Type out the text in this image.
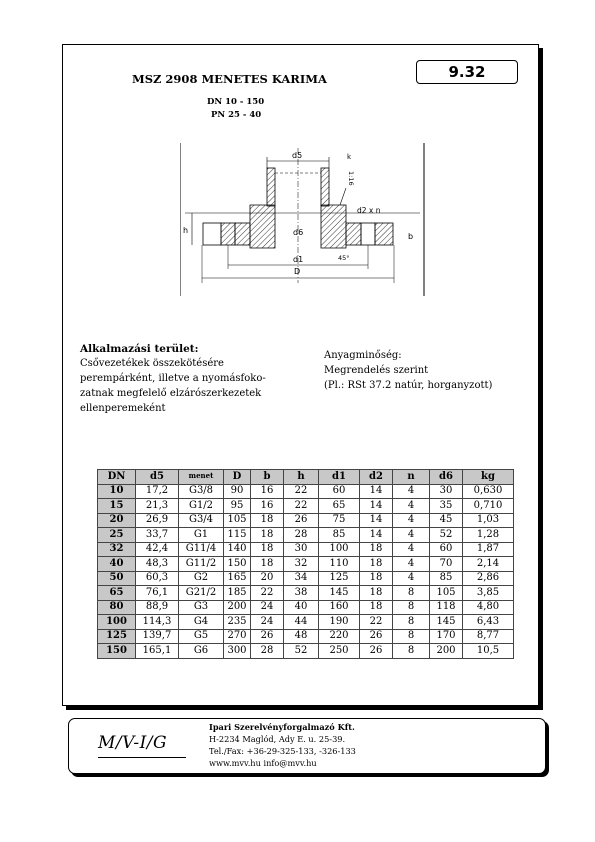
9.32
MSZ 2908 MENETES KARIMA
DN 10 - 150
PN 25 - 40
d5
h
b
d6
d1
D
d2 x n
k
1:16
45°
Alkalmazási terület:
Csővezetékek összekötésére
perempárként, illetve a nyomásfoko-
zatnak megfelelő elzárószerkezetek
ellenperemeként
Anyagminőség:
Megrendelés szerint
(Pl.: RSt 37.2 natúr, horganyzott)
DN	d5	menet	D	b	h	d1	d2	n	d6	kg
10	17,2	G3/8	90	16	22	60	14	4	30	0,630
15	21,3	G1/2	95	16	22	65	14	4	35	0,710
20	26,9	G3/4	105	18	26	75	14	4	45	1,03
25	33,7	G1	115	18	28	85	14	4	52	1,28
32	42,4	G11/4	140	18	30	100	18	4	60	1,87
40	48,3	G11/2	150	18	32	110	18	4	70	2,14
50	60,3	G2	165	20	34	125	18	4	85	2,86
65	76,1	G21/2	185	22	38	145	18	8	105	3,85
80	88,9	G3	200	24	40	160	18	8	118	4,80
100	114,3	G4	235	24	44	190	22	8	145	6,43
125	139,7	G5	270	26	48	220	26	8	170	8,77
150	165,1	G6	300	28	52	250	26	8	200	10,5
M/V-I/G
Ipari Szerelvényforgalmazó Kft.
H-2234 Maglód, Ady E. u. 25-39.
Tel./Fax: +36-29-325-133, -326-133
www.mvv.hu info@mvv.hu
